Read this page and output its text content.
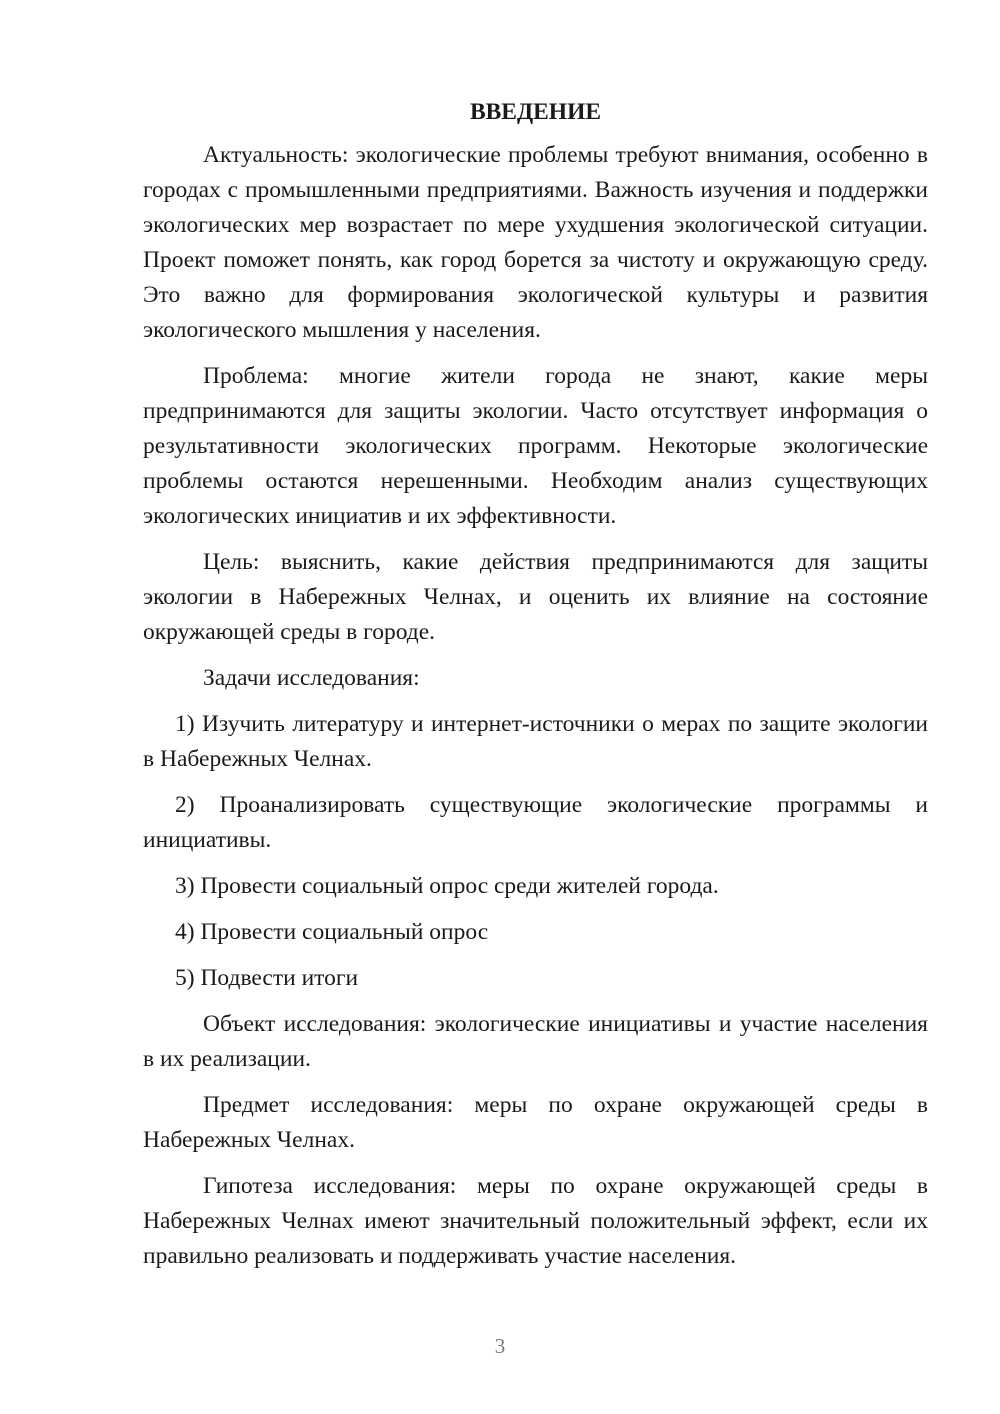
ВВЕДЕНИЕ

Актуальность: экологические проблемы требуют внимания, особенно в городах с промышленными предприятиями. Важность изучения и поддержки экологических мер возрастает по мере ухудшения экологической ситуации. Проект поможет понять, как город борется за чистоту и окружающую среду. Это важно для формирования экологической культуры и развития экологического мышления у населения.

Проблема: многие жители города не знают, какие меры предпринимаются для защиты экологии. Часто отсутствует информация о результативности экологических программ. Некоторые экологические проблемы остаются нерешенными. Необходим анализ существующих экологических инициатив и их эффективности.

Цель: выяснить, какие действия предпринимаются для защиты экологии в Набережных Челнах, и оценить их влияние на состояние окружающей среды в городе.

Задачи исследования:

1) Изучить литературу и интернет-источники о мерах по защите экологии в Набережных Челнах.

2) Проанализировать существующие экологические программы и инициативы.

3) Провести социальный опрос среди жителей города.

4) Провести социальный опрос

5) Подвести итоги

Объект исследования: экологические инициативы и участие населения в их реализации.

Предмет исследования: меры по охране окружающей среды в Набережных Челнах.

Гипотеза исследования: меры по охране окружающей среды в Набережных Челнах имеют значительный положительный эффект, если их правильно реализовать и поддерживать участие населения.

3
